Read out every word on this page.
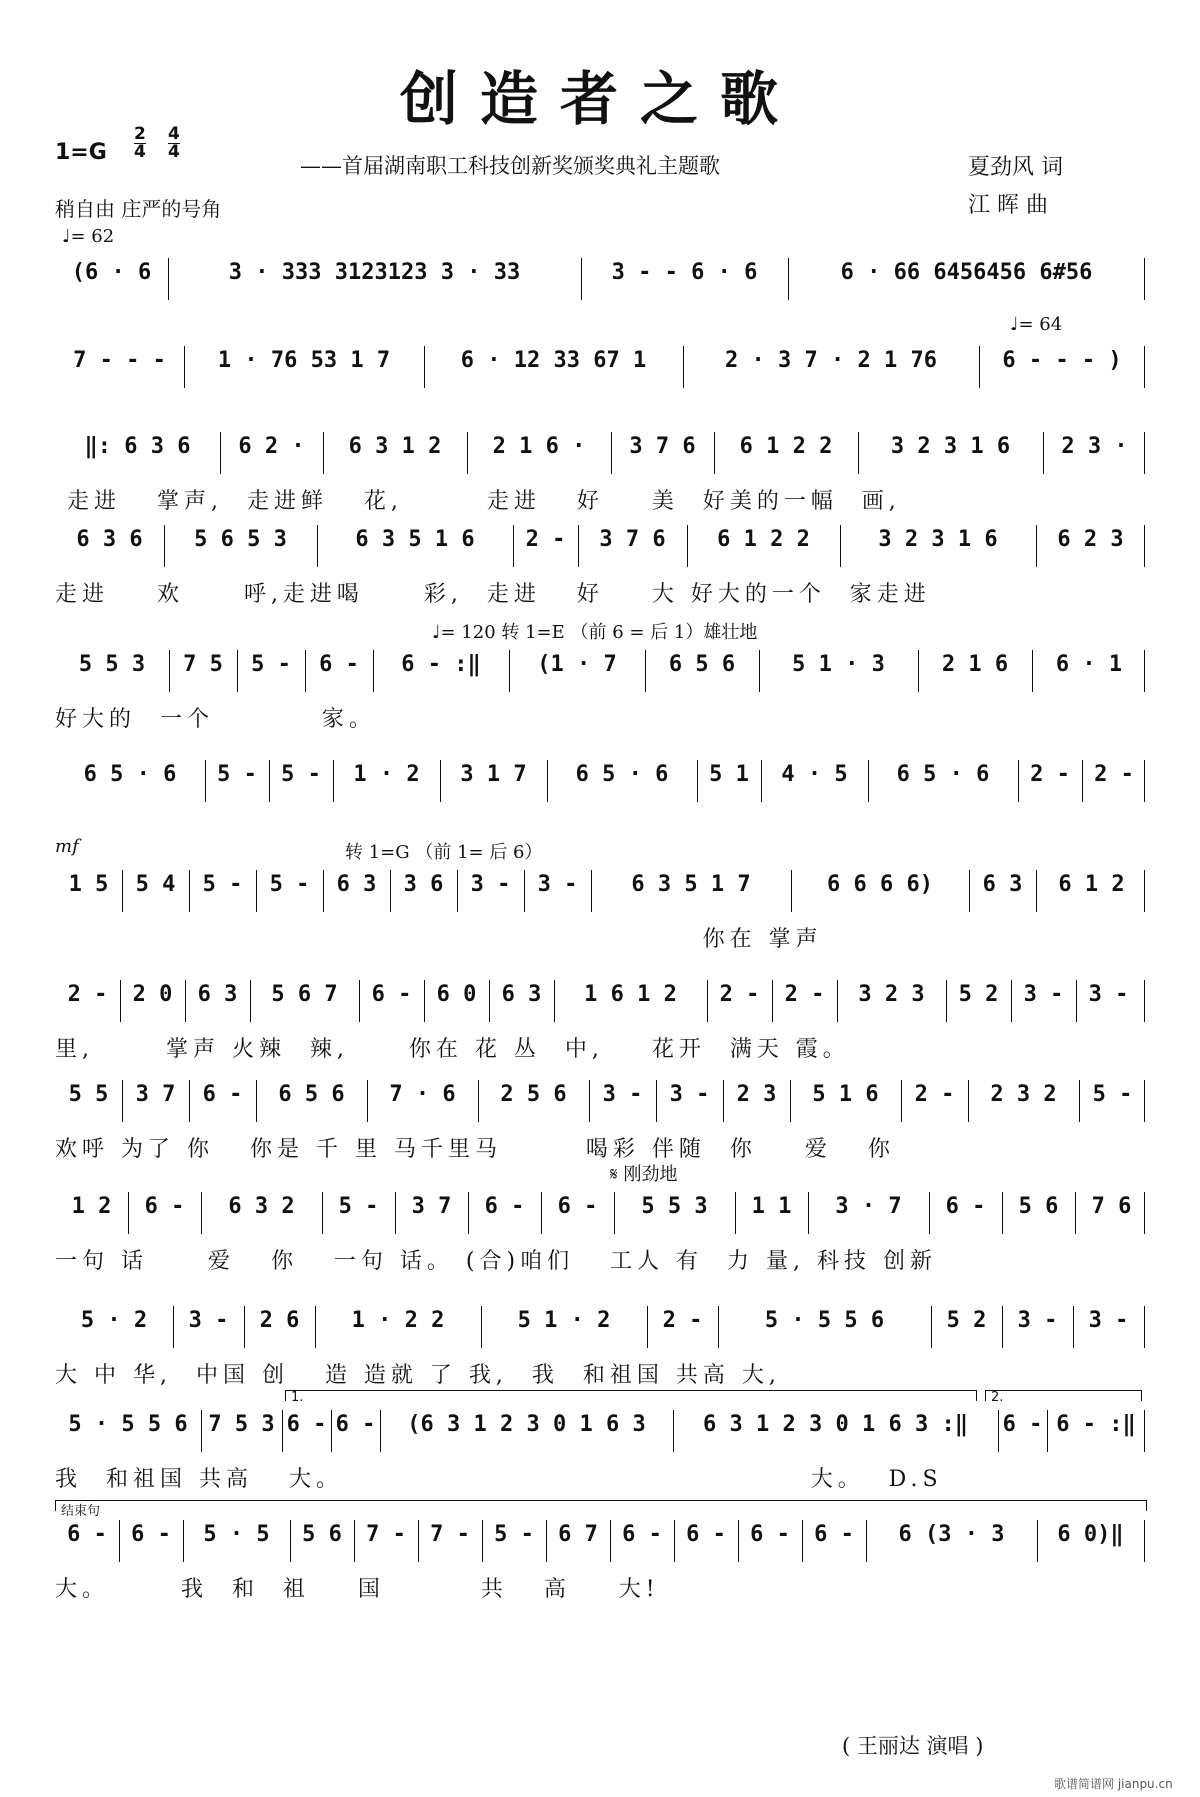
创造者之歌
$1=G \frac{2}{4} \frac{4}{4}$
——首届湖南职工科技创新奖颁奖典礼主题歌	夏劲风 词
江 晖 曲
稍自由 庄严的号角
♩= 62
(6 · 6	3 · 333 3123123 3 · 33	3 - - 6 · 6	6 · 66 6456456 6#56
♩= 64
7 - - -	1 · 76 53 1 7	6 · 12 33 67 1	2 · 3 7 · 2 1 76	6 - - - )
‖: 6 3 6	6 2 ·	6 3 1 2	2 1 6 ·	3 7 6	6 1 2 2	3 2 3 1 6	2 3 ·
走进   掌声,  走进鲜   花,       走进   好    美  好美的一幅  画,
6 3 6	5 6 5 3	6 3 5 1 6	2 -	3 7 6	6 1 2 2	3 2 3 1 6	6 2 3
走进    欢     呼,走进喝     彩,  走进   好    大 好大的一个  家走进
♩= 120 转 1=E （前 6 = 后 1）雄壮地
5 5 3	7 5	5 -	6 -	6 - :‖	(1 · 7	6 5 6	5 1 · 3	2 1 6	6 · 1
好大的  一个         家。
6 5 · 6	5 -	5 -	1 · 2	3 1 7	6 5 · 6	5 1	4 · 5	6 5 · 6	2 -	2 -
转 1=G （前 1= 后 6）
mf
1 5	5 4	5 -	5 -	6 3	3 6	3 -	3 -	6 3 5 1 7	6 6 6 6)	6 3	6 1 2
你在 掌声
2 -	2 0	6 3	5 6 7	6 -	6 0	6 3	1 6 1 2	2 -	2 -	3 2 3	5 2	3 -	3 -
里,      掌声 火辣  辣,     你在 花 丛  中,    花开  满天 霞。
5 5	3 7	6 -	6 5 6	7 · 6	2 5 6	3 -	3 -	2 3	5 1 6	2 -	2 3 2	5 -
欢呼 为了 你   你是 千 里 马千里马       喝彩 伴随  你    爱   你
𝄋 刚劲地
1 2	6 -	6 3 2	5 -	3 7	6 -	6 -	5 5 3	1 1	3 · 7	6 -	5 6	7 6
一句 话     爱   你   一句 话。 (合)咱们   工人 有  力 量, 科技 创新
5 · 2	3 -	2 6	1 · 2 2	5 1 · 2	2 -	5 · 5 5 6	5 2	3 -	3 -
大 中 华,  中国 创   造 造就 了 我,  我  和祖国 共高 大,
1.	2.
5 · 5 5 6 7 5 3 6 - 6 -	(6 3 1 2 3 0 1 6 3	6 3 1 2 3 0 1 6 3 :‖	6 - 6 - :‖
我  和祖国 共高   大。                                       大。  D.S
结束句
6 -	6 -	5 · 5	5 6	7 -	7 -	5 -	6 7	6 -	6 -	6 -	6 -	6 (3 · 3	6 0)‖
大。      我  和  祖    国        共   高    大!
( 王丽达 演唱 )
歌谱简谱网 jianpu.cn
